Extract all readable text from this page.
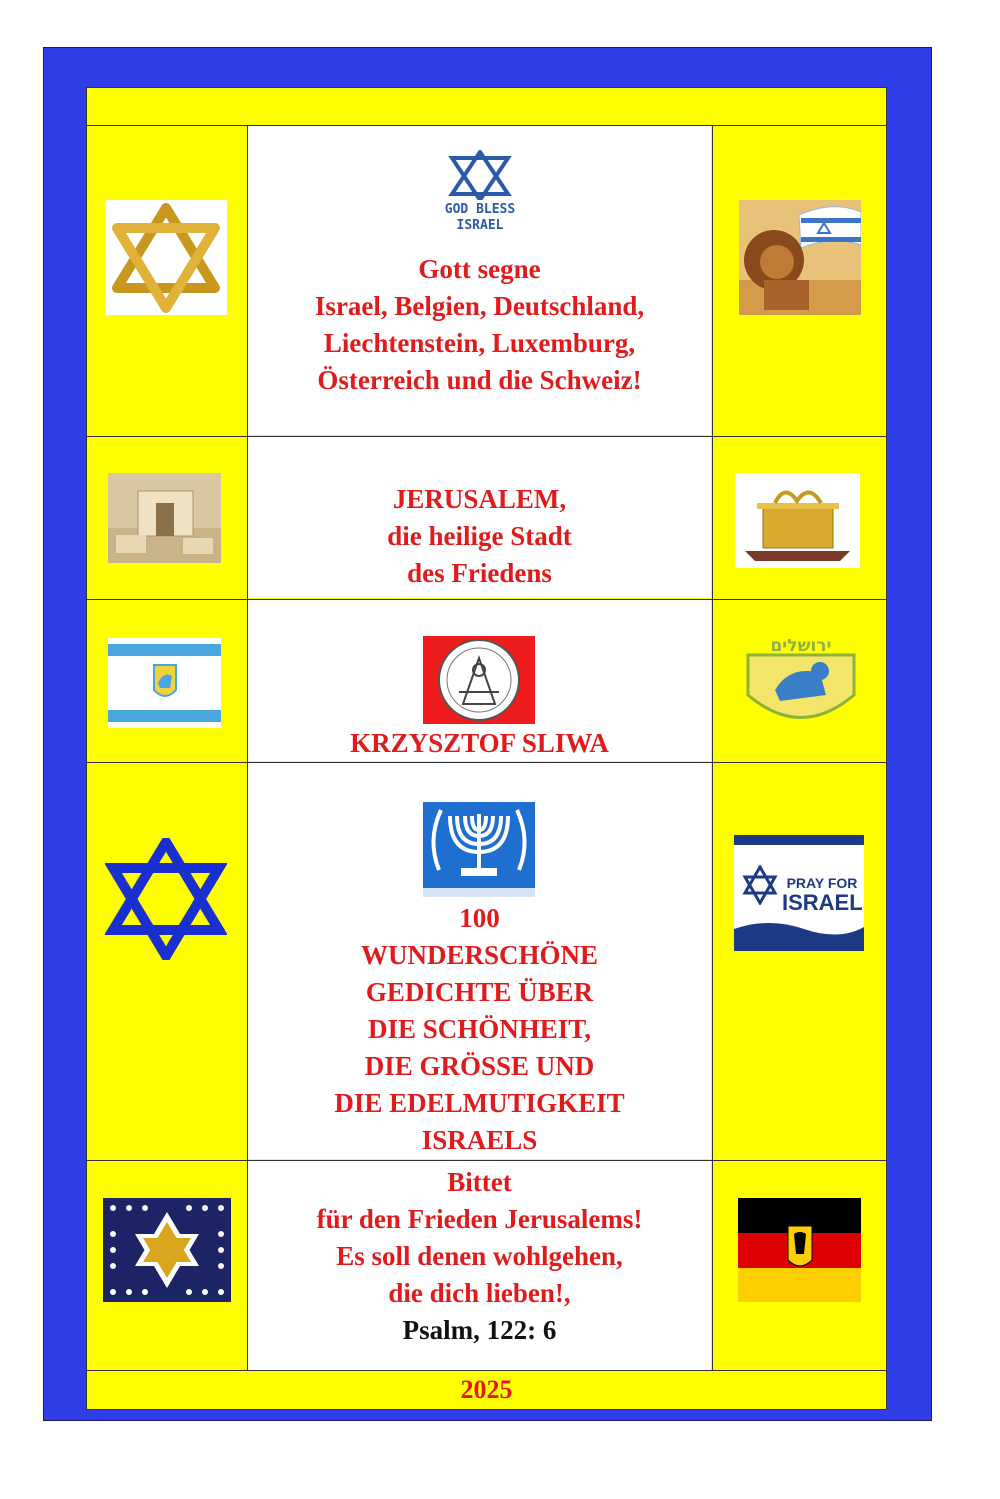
GOD BLESS
ISRAEL
Gott segne
Israel, Belgien, Deutschland,
Liechtenstein, Luxemburg,
Österreich und die Schweiz!
JERUSALEM,
die heilige Stadt
des Friedens
KRZYSZTOF SLIWA
ירושלים
100
WUNDERSCHÖNE
GEDICHTE ÜBER
DIE SCHÖNHEIT,
DIE GRÖSSE UND
DIE EDELMUTIGKEIT
ISRAELS
PRAY FOR
ISRAEL
Bittet
für den Frieden Jerusalems!
Es soll denen wohlgehen,
die dich lieben!,
Psalm, 122: 6
2025
